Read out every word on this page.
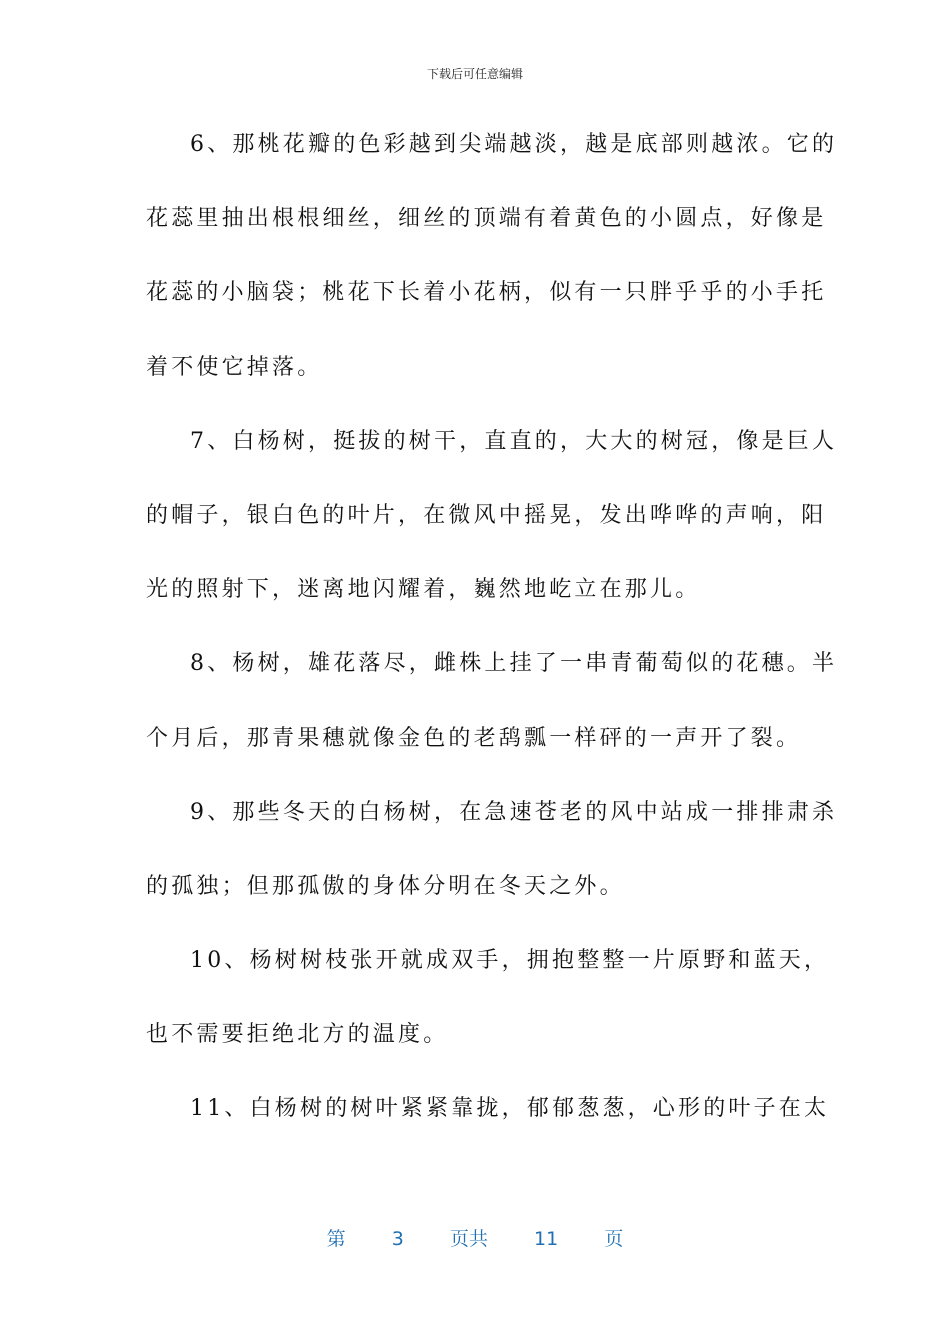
下载后可任意编辑
6、那桃花瓣的色彩越到尖端越淡，越是底部则越浓。它的
花蕊里抽出根根细丝，细丝的顶端有着黄色的小圆点，好像是
花蕊的小脑袋；桃花下长着小花柄，似有一只胖乎乎的小手托
着不使它掉落。
7、白杨树，挺拔的树干，直直的，大大的树冠，像是巨人
的帽子，银白色的叶片，在微风中摇晃，发出哗哗的声响，阳
光的照射下，迷离地闪耀着，巍然地屹立在那儿。
8、杨树，雄花落尽，雌株上挂了一串青葡萄似的花穗。半
个月后，那青果穗就像金色的老鸹瓢一样砰的一声开了裂。
9、那些冬天的白杨树，在急速苍老的风中站成一排排肃杀
的孤独；但那孤傲的身体分明在冬天之外。
10、杨树树枝张开就成双手，拥抱整整一片原野和蓝天，
也不需要拒绝北方的温度。
11、白杨树的树叶紧紧靠拢，郁郁葱葱，心形的叶子在太
第 3 页共 11 页
